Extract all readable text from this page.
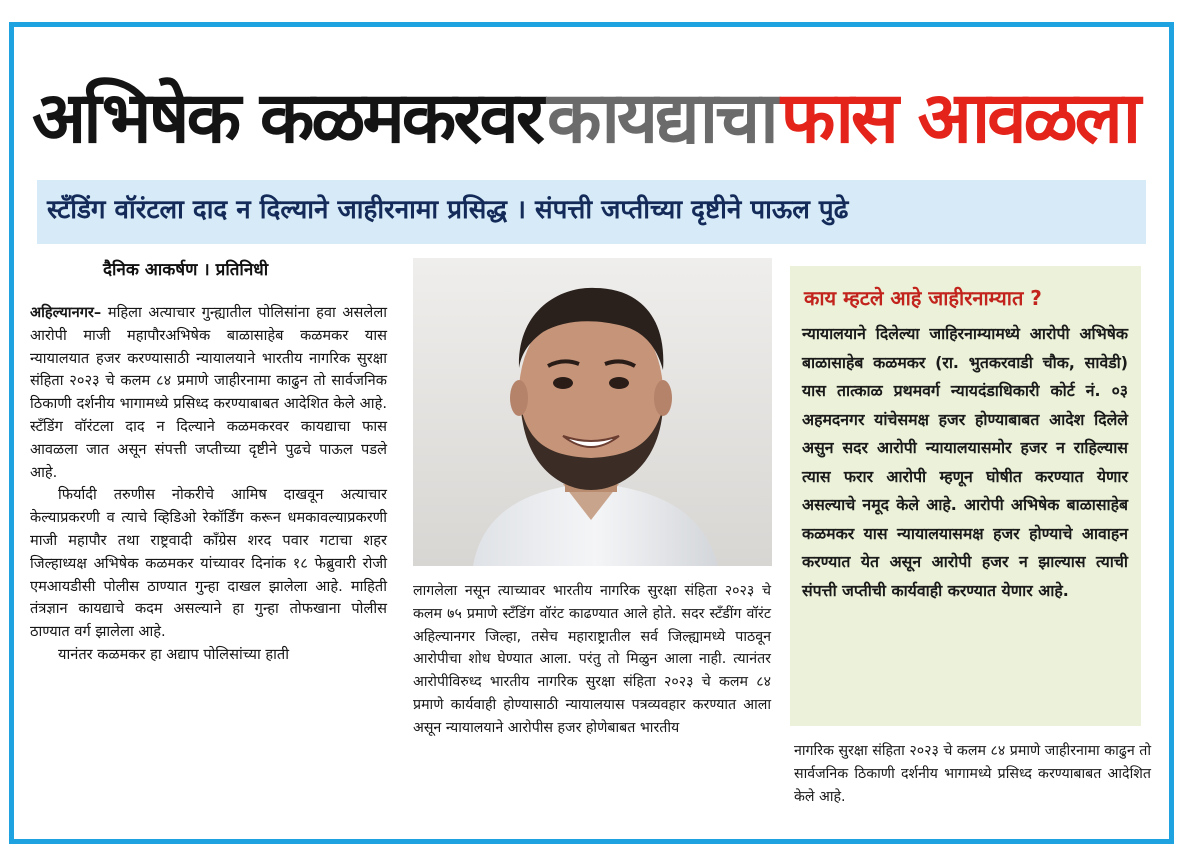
अभिषेक कळमकरवर कायद्याचा फास आवळला
स्टँडिंग वॉरंटला दाद न दिल्याने जाहीरनामा प्रसिद्ध । संपत्ती जप्तीच्या दृष्टीने पाऊल पुढे
दैनिक आकर्षण । प्रतिनिधी

अहिल्यानगर– महिला अत्याचार गुन्ह्यातील पोलिसांना हवा असलेला आरोपी माजी महापौरअभिषेक बाळासाहेब कळमकर यास न्यायालयात हजर करण्यासाठी न्यायालयाने भारतीय नागरिक सुरक्षा संहिता २०२३ चे कलम ८४ प्रमाणे जाहीरनामा काढुन तो सार्वजनिक ठिकाणी दर्शनीय भागामध्ये प्रसिध्द करण्याबाबत आदेशित केले आहे. स्टँडिंग वॉरंटला दाद न दिल्याने कळमकरवर कायद्याचा फास आवळला जात असून संपत्ती जप्तीच्या दृष्टीने पुढचे पाऊल पडले आहे.

फिर्यादी तरुणीस नोकरीचे आमिष दाखवून अत्याचार केल्याप्रकरणी व त्याचे व्हिडिओ रेकॉर्डिंग करून धमकावल्याप्रकरणी माजी महापौर तथा राष्ट्रवादी काँग्रेस शरद पवार गटाचा शहर जिल्हाध्यक्ष अभिषेक कळमकर यांच्यावर दिनांक १८ फेब्रुवारी रोजी एमआयडीसी पोलीस ठाण्यात गुन्हा दाखल झालेला आहे. माहिती तंत्रज्ञान कायद्याचे कदम असल्याने हा गुन्हा तोफखाना पोलीस ठाण्यात वर्ग झालेला आहे.

यानंतर कळमकर हा अद्याप पोलिसांच्या हाती

लागलेला नसून त्याच्यावर भारतीय नागरिक सुरक्षा संहिता २०२३ चे कलम ७५ प्रमाणे स्टँडिंग वॉरंट काढण्यात आले होते. सदर स्टँडींग वॉरंट अहिल्यानगर जिल्हा, तसेच महाराष्ट्रातील सर्व जिल्ह्यामध्ये पाठवून आरोपीचा शोध घेण्यात आला. परंतु तो मिळुन आला नाही. त्यानंतर आरोपीविरुध्द भारतीय नागरिक सुरक्षा संहिता २०२३ चे कलम ८४ प्रमाणे कार्यवाही होण्यासाठी न्यायालयास पत्रव्यवहार करण्यात आला असून न्यायालयाने आरोपीस हजर होणेबाबत भारतीय

काय म्हटले आहे जाहीरनाम्यात ?
न्यायालयाने दिलेल्या जाहिरनाम्यामध्ये आरोपी अभिषेक बाळासाहेब कळमकर (रा. भुतकरवाडी चौक, सावेडी) यास तात्काळ प्रथमवर्ग न्यायदंडाधिकारी कोर्ट नं. ०३ अहमदनगर यांचेसमक्ष हजर होण्याबाबत आदेश दिलेले असुन सदर आरोपी न्यायालयासमोर हजर न राहिल्यास त्यास फरार आरोपी म्हणून घोषीत करण्यात येणार असल्याचे नमूद केले आहे. आरोपी अभिषेक बाळासाहेब कळमकर यास न्यायालयासमक्ष हजर होण्याचे आवाहन करण्यात येत असून आरोपी हजर न झाल्यास त्याची संपत्ती जप्तीची कार्यवाही करण्यात येणार आहे.

नागरिक सुरक्षा संहिता २०२३ चे कलम ८४ प्रमाणे जाहीरनामा काढुन तो सार्वजनिक ठिकाणी दर्शनीय भागामध्ये प्रसिध्द करण्याबाबत आदेशित केले आहे.
